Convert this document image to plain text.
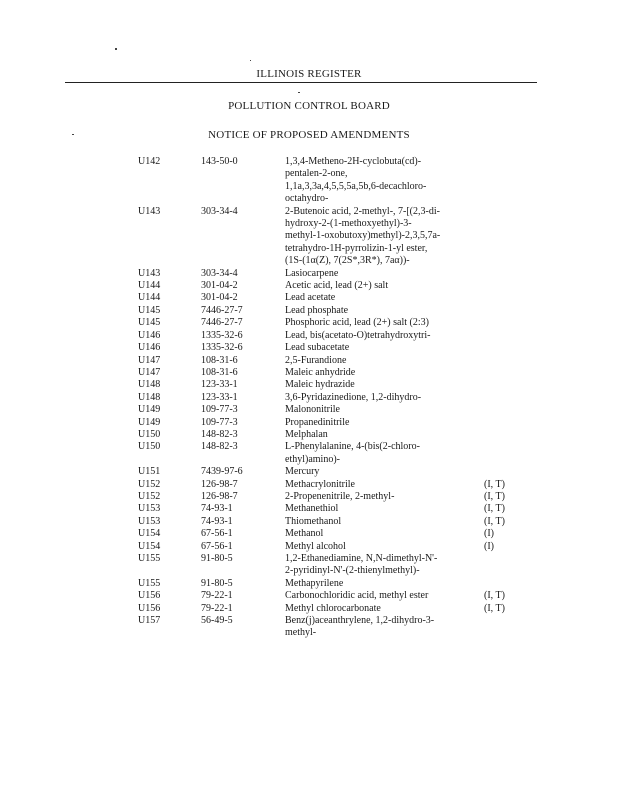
ILLINOIS REGISTER
POLLUTION CONTROL BOARD
NOTICE OF PROPOSED AMENDMENTS
U142	143-50-0	1,3,4-Metheno-2H-cyclobuta(cd)-
pentalen-2-one,
1,1a,3,3a,4,5,5,5a,5b,6-decachloro-
octahydro-
U143	303-34-4	2-Butenoic acid, 2-methyl-, 7-[(2,3-di-
hydroxy-2-(1-methoxyethyl)-3-
methyl-1-oxobutoxy)methyl)-2,3,5,7a-
tetrahydro-1H-pyrrolizin-1-yl ester,
(1S-(1α(Z), 7(2S*,3R*), 7aα))-
U143	303-34-4	Lasiocarpene
U144	301-04-2	Acetic acid, lead (2+) salt
U144	301-04-2	Lead acetate
U145	7446-27-7	Lead phosphate
U145	7446-27-7	Phosphoric acid, lead (2+) salt (2:3)
U146	1335-32-6	Lead, bis(acetato-O)tetrahydroxytri-
U146	1335-32-6	Lead subacetate
U147	108-31-6	2,5-Furandione
U147	108-31-6	Maleic anhydride
U148	123-33-1	Maleic hydrazide
U148	123-33-1	3,6-Pyridazinedione, 1,2-dihydro-
U149	109-77-3	Malononitrile
U149	109-77-3	Propanedinitrile
U150	148-82-3	Melphalan
U150	148-82-3	L-Phenylalanine, 4-(bis(2-chloro-
ethyl)amino)-
U151	7439-97-6	Mercury
U152	126-98-7	Methacrylonitrile	(I, T)
U152	126-98-7	2-Propenenitrile, 2-methyl-	(I, T)
U153	74-93-1	Methanethiol	(I, T)
U153	74-93-1	Thiomethanol	(I, T)
U154	67-56-1	Methanol	(I)
U154	67-56-1	Methyl alcohol	(I)
U155	91-80-5	1,2-Ethanediamine, N,N-dimethyl-N'-
2-pyridinyl-N'-(2-thienylmethyl)-
U155	91-80-5	Methapyrilene
U156	79-22-1	Carbonochloridic acid, methyl ester	(I, T)
U156	79-22-1	Methyl chlorocarbonate	(I, T)
U157	56-49-5	Benz(j)aceanthrylene, 1,2-dihydro-3-
methyl-
